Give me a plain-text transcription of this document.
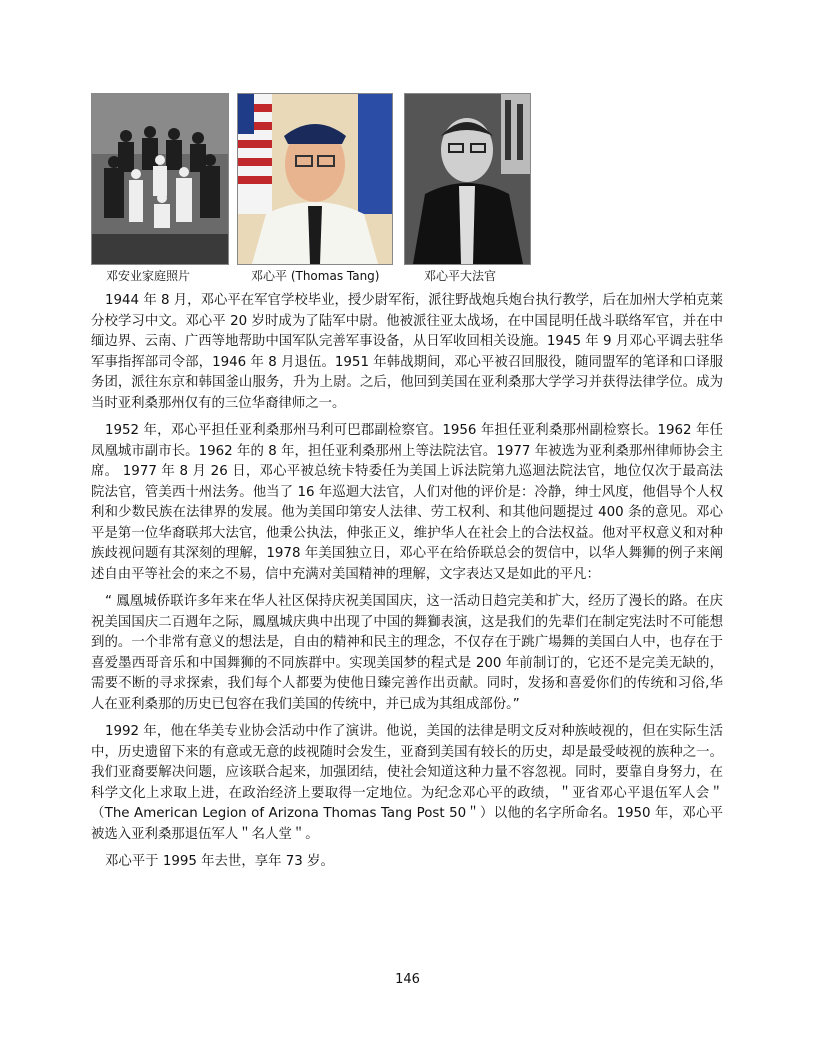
邓安业家庭照片	邓心平 (Thomas Tang)	邓心平大法官

1944 年 8 月，邓心平在军官学校毕业，授少尉军衔，派往野战炮兵炮台执行教学，后在加州大学柏克莱分校学习中文。邓心平 20 岁时成为了陆军中尉。他被派往亚太战场，在中国昆明任战斗联络军官，并在中缅边界、云南、广西等地帮助中国军队完善军事设备，从日军收回相关设施。1945 年 9 月邓心平调去驻华军事指挥部司令部，1946 年 8 月退伍。1951 年韩战期间，邓心平被召回服役，随同盟军的笔译和口译服务团，派往东京和韩国釜山服务，升为上尉。之后，他回到美国在亚利桑那大学学习并获得法律学位。成为当时亚利桑那州仅有的三位华裔律师之一。

1952 年，邓心平担任亚利桑那州马利可巴郡副检察官。1956 年担任亚利桑那州副检察长。1962 年任凤凰城市副市长。1962 年的 8 年，担任亚利桑那州上等法院法官。1977 年被选为亚利桑那州律师协会主席。 1977 年 8 月 26 日，邓心平被总统卡特委任为美国上诉法院第九巡迴法院法官，地位仅次于最高法院法官，管美西十州法务。他当了 16 年巡迴大法官，人们对他的评价是：冷静，绅士风度，他倡导个人权利和少数民族在法律界的发展。他为美国印第安人法律、劳工权利、和其他问题提过 400 条的意见。邓心平是第一位华裔联邦大法官，他秉公执法，伸张正义，维护华人在社会上的合法权益。他对平权意义和对种族歧视问题有其深刻的理解，1978 年美国独立日，邓心平在给侨联总会的贺信中，以华人舞狮的例子来阐述自由平等社会的来之不易，信中充满对美国精神的理解，文字表达又是如此的平凡：

“ 鳳凰城侨联许多年来在华人社区保持庆祝美国国庆，这一活动日趋完美和扩大，经历了漫长的路。在庆祝美国国庆二百週年之际，鳳凰城庆典中出现了中国的舞獅表演，这是我们的先辈们在制定宪法时不可能想到的。一个非常有意义的想法是，自由的精神和民主的理念，不仅存在于跳广場舞的美国白人中，也存在于喜爱墨西哥音乐和中国舞狮的不同族群中。实现美国梦的程式是 200 年前制订的，它还不是完美无缺的，需要不断的寻求探索，我们每个人都要为使他日臻完善作出贡献。同时，发扬和喜爱你们的传统和习俗,华人在亚利桑那的历史已包容在我们美国的传统中，并已成为其组成部份。”

1992 年，他在华美专业协会活动中作了演讲。他说，美国的法律是明文反对种族岐视的，但在实际生活中，历史遗留下来的有意或无意的歧视随时会发生，亚裔到美国有较长的历史，却是最受岐视的族种之一。我们亚裔要解决问题，应该联合起来，加强团结，使社会知道这种力量不容忽视。同时，要靠自身努力，在科学文化上求取上进，在政治经济上要取得一定地位。为纪念邓心平的政绩，＂亚省邓心平退伍军人会＂（The American Legion of Arizona Thomas Tang Post 50＂）以他的名字所命名。1950 年，邓心平被选入亚利桑那退伍军人＂名人堂＂。

邓心平于 1995 年去世，享年 73 岁。

146
